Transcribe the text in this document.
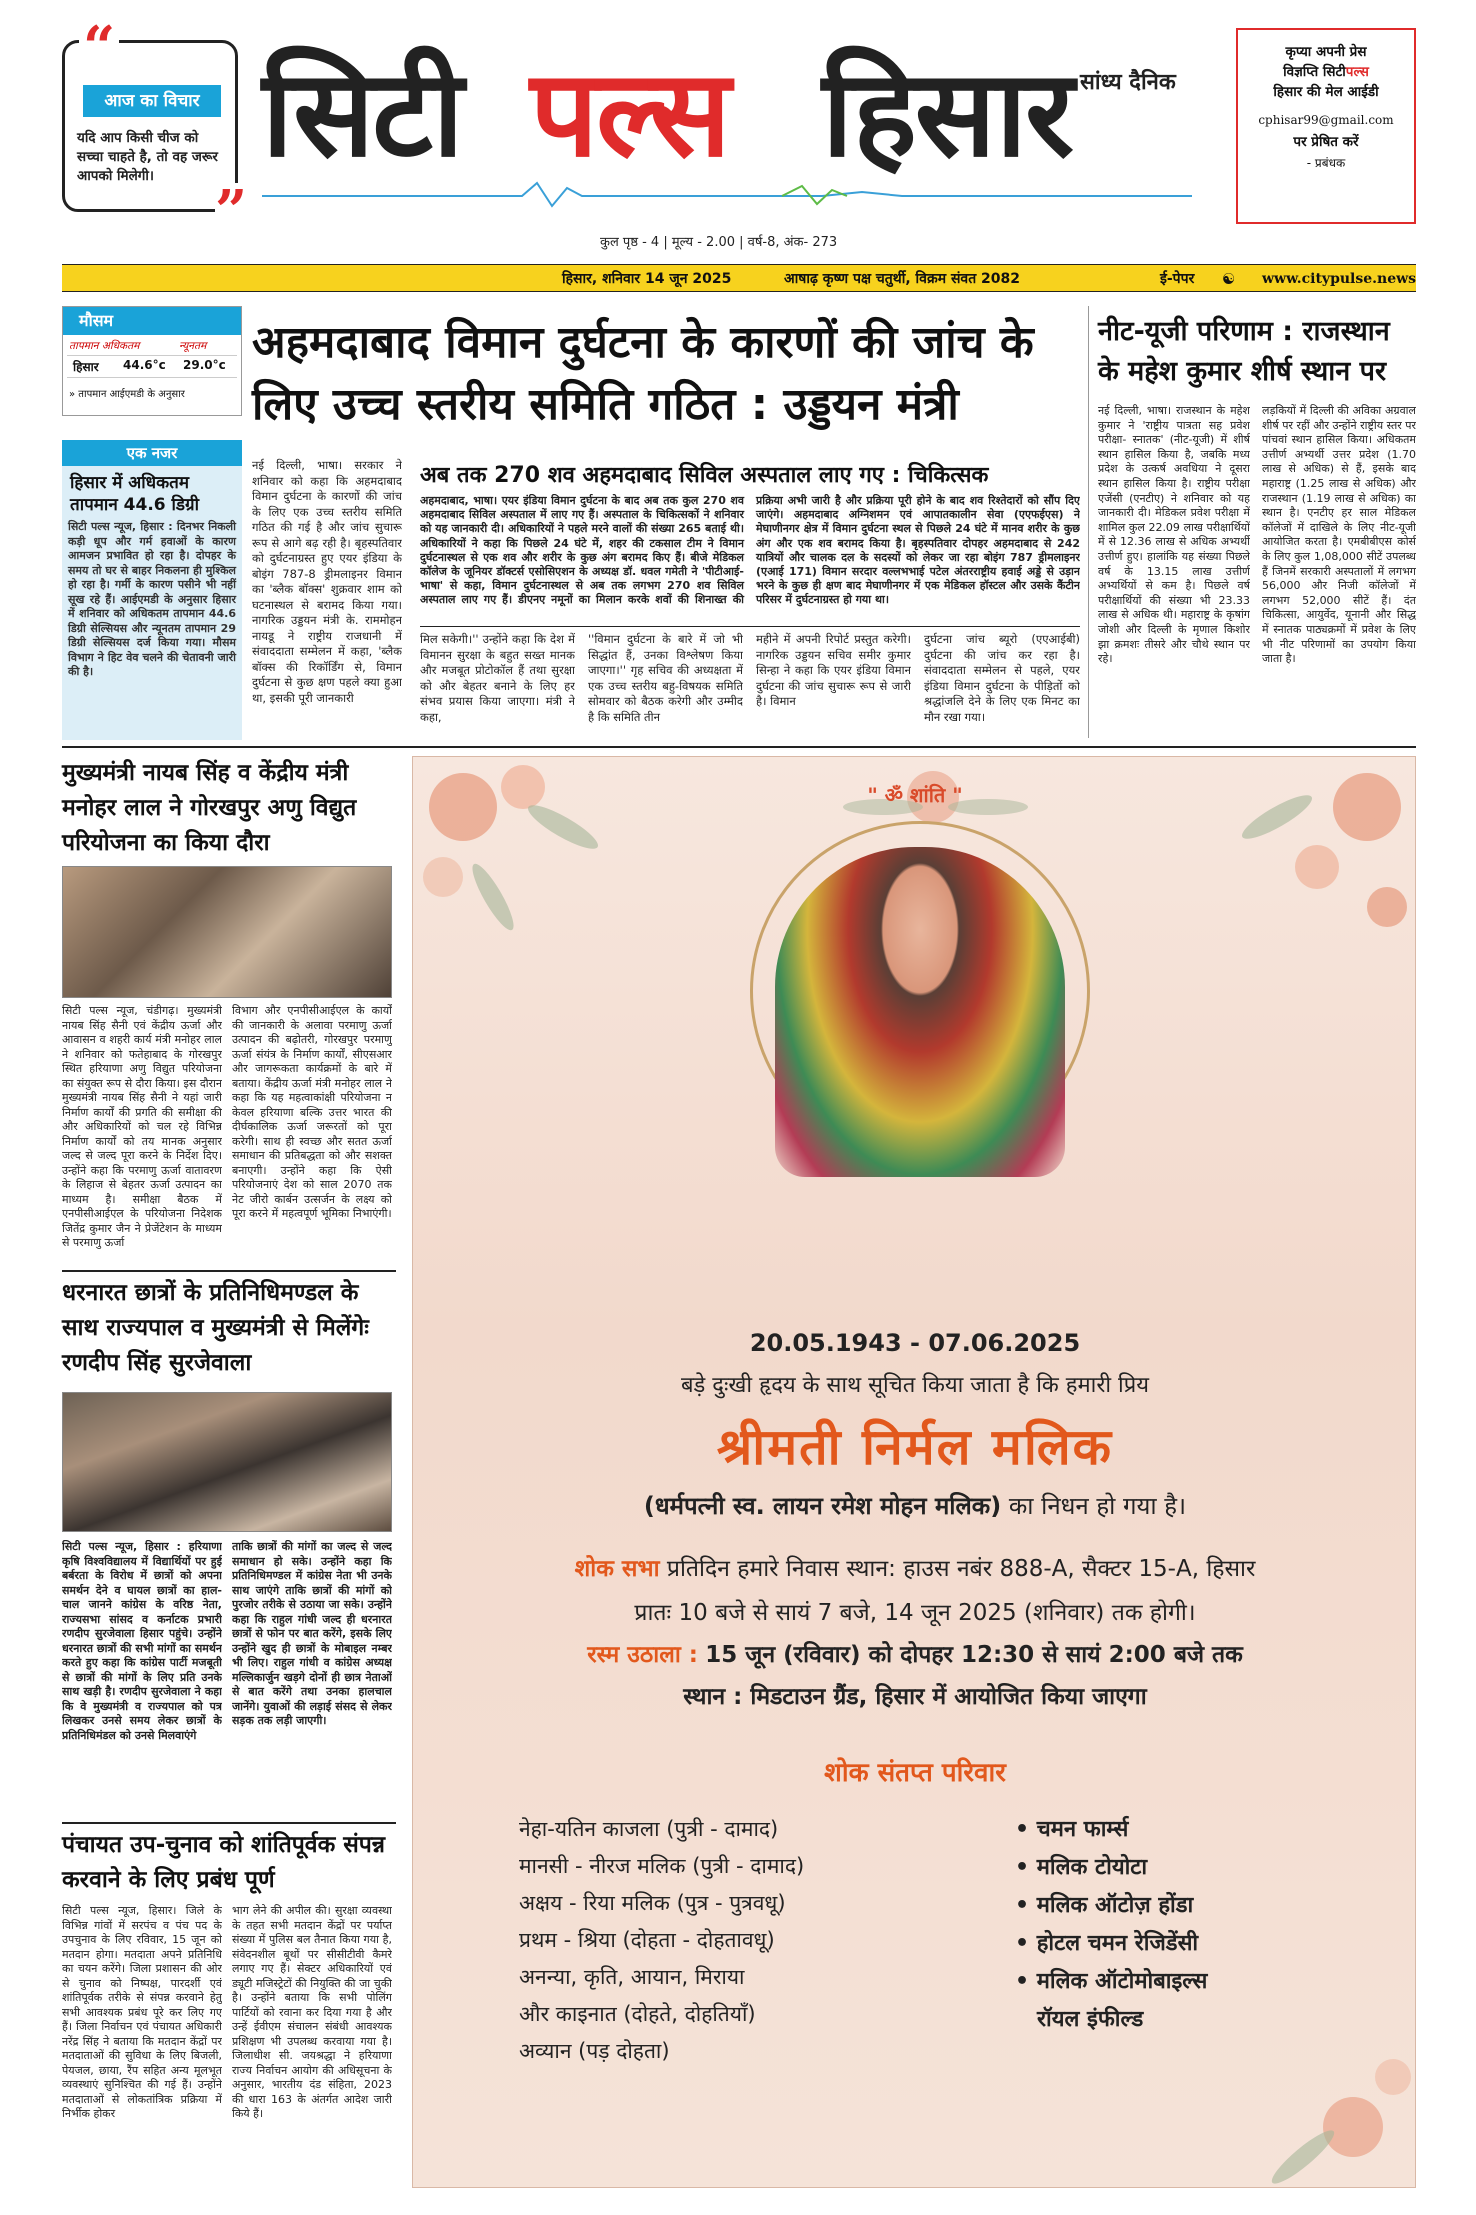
“
आज का विचार
यदि आप किसी चीज को सच्चा चाहते है, तो वह जरूर आपको मिलेगी।
”
सिटी पल्स हिसार सांध्य दैनिक
कुल पृष्ठ - 4 | मूल्य - 2.00 | वर्ष-8, अंक- 273
कृप्या अपनी प्रेस
विज्ञप्ति सिटीपल्स
हिसार की मेल आईडी
cphisar99@gmail.com
पर प्रेषित करें
- प्रबंधक
हिसार, शनिवार 14 जून 2025	आषाढ़ कृष्ण पक्ष चतुर्थी, विक्रम संवत 2082	ई-पेपर ☯ www.citypulse.news
मौसम
तापमान अधिकतम	न्यूनतम
हिसार	44.6°c	29.0°c
» तापमान आईएमडी के अनुसार
एक नजर
हिसार में अधिकतम तापमान 44.6 डिग्री
सिटी पल्स न्यूज, हिसार : दिनभर निकली कड़ी धूप और गर्म हवाओं के कारण आमजन प्रभावित हो रहा है। दोपहर के समय तो घर से बाहर निकलना ही मुश्किल हो रहा है। गर्मी के कारण पसीने भी नहीं सूख रहे हैं। आईएमडी के अनुसार हिसार में शनिवार को अधिकतम तापमान 44.6 डिग्री सेल्सियस और न्यूनतम तापमान 29 डिग्री सेल्सियस दर्ज किया गया। मौसम विभाग ने हिट वेव चलने की चेतावनी जारी की है।
अहमदाबाद विमान दुर्घटना के कारणों की जांच के लिए उच्च स्तरीय समिति गठित : उड्डयन मंत्री
नई दिल्ली, भाषा। सरकार ने शनिवार को कहा कि अहमदाबाद विमान दुर्घटना के कारणों की जांच के लिए एक उच्च स्तरीय समिति गठित की गई है और जांच सुचारू रूप से आगे बढ़ रही है। बृहस्पतिवार को दुर्घटनाग्रस्त हुए एयर इंडिया के बोइंग 787-8 ड्रीमलाइनर विमान का 'ब्लैक बॉक्स' शुक्रवार शाम को घटनास्थल से बरामद किया गया। नागरिक उड्डयन मंत्री के. राममोहन नायडू ने राष्ट्रीय राजधानी में संवाददाता सम्मेलन में कहा, 'ब्लैक बॉक्स की रिकॉर्डिंग से, विमान दुर्घटना से कुछ क्षण पहले क्या हुआ था, इसकी पूरी जानकारी
अब तक 270 शव अहमदाबाद सिविल अस्पताल लाए गए : चिकित्सक
अहमदाबाद, भाषा। एयर इंडिया विमान दुर्घटना के बाद अब तक कुल 270 शव अहमदाबाद सिविल अस्पताल में लाए गए हैं। अस्पताल के चिकित्सकों ने शनिवार को यह जानकारी दी। अधिकारियों ने पहले मरने वालों की संख्या 265 बताई थी। अधिकारियों ने कहा कि पिछले 24 घंटे में, शहर की टकसाल टीम ने विमान दुर्घटनास्थल से एक शव और शरीर के कुछ अंग बरामद किए हैं। बीजे मेडिकल कॉलेज के जूनियर डॉक्टर्स एसोसिएशन के अध्यक्ष डॉ. धवल गमेती ने 'पीटीआई-भाषा' से कहा, विमान दुर्घटनास्थल से अब तक लगभग 270 शव सिविल अस्पताल लाए गए हैं। डीएनए नमूनों का मिलान करके शवों की शिनाख्त की प्रक्रिया अभी जारी है और प्रक्रिया पूरी होने के बाद शव रिश्तेदारों को सौंप दिए जाएंगे। अहमदाबाद अग्निशमन एवं आपातकालीन सेवा (एएफईएस) ने मेघाणीनगर क्षेत्र में विमान दुर्घटना स्थल से पिछले 24 घंटे में मानव शरीर के कुछ अंग और एक शव बरामद किया है। बृहस्पतिवार दोपहर अहमदाबाद से 242 यात्रियों और चालक दल के सदस्यों को लेकर जा रहा बोइंग 787 ड्रीमलाइनर (एआई 171) विमान सरदार वल्लभभाई पटेल अंतरराष्ट्रीय हवाई अड्डे से उड़ान भरने के कुछ ही क्षण बाद मेघाणीनगर में एक मेडिकल हॉस्टल और उसके कैंटीन परिसर में दुर्घटनाग्रस्त हो गया था।
मिल सकेगी।'' उन्होंने कहा कि देश में विमानन सुरक्षा के बहुत सख्त मानक और मजबूत प्रोटोकॉल हैं तथा सुरक्षा को और बेहतर बनाने के लिए हर संभव प्रयास किया जाएगा। मंत्री ने कहा,
''विमान दुर्घटना के बारे में जो भी सिद्धांत हैं, उनका विश्लेषण किया जाएगा।'' गृह सचिव की अध्यक्षता में एक उच्च स्तरीय बहु-विषयक समिति सोमवार को बैठक करेगी और उम्मीद है कि समिति तीन
महीने में अपनी रिपोर्ट प्रस्तुत करेगी। नागरिक उड्डयन सचिव समीर कुमार सिन्हा ने कहा कि एयर इंडिया विमान दुर्घटना की जांच सुचारू रूप से जारी है। विमान
दुर्घटना जांच ब्यूरो (एएआईबी) दुर्घटना की जांच कर रहा है। संवाददाता सम्मेलन से पहले, एयर इंडिया विमान दुर्घटना के पीड़ितों को श्रद्धांजलि देने के लिए एक मिनट का मौन रखा गया।
नीट-यूजी परिणाम : राजस्थान के महेश कुमार शीर्ष स्थान पर
नई दिल्ली, भाषा। राजस्थान के महेश कुमार ने 'राष्ट्रीय पात्रता सह प्रवेश परीक्षा- स्नातक' (नीट-यूजी) में शीर्ष स्थान हासिल किया है, जबकि मध्य प्रदेश के उत्कर्ष अवधिया ने दूसरा स्थान हासिल किया है। राष्ट्रीय परीक्षा एजेंसी (एनटीए) ने शनिवार को यह जानकारी दी। मेडिकल प्रवेश परीक्षा में शामिल कुल 22.09 लाख परीक्षार्थियों में से 12.36 लाख से अधिक अभ्यर्थी उत्तीर्ण हुए। हालांकि यह संख्या पिछले वर्ष के 13.15 लाख उत्तीर्ण अभ्यर्थियों से कम है। पिछले वर्ष परीक्षार्थियों की संख्या भी 23.33 लाख से अधिक थी। महाराष्ट्र के कृषांग जोशी और दिल्ली के मृणाल किशोर झा क्रमशः तीसरे और चौथे स्थान पर रहे।
लड़कियों में दिल्ली की अविका अग्रवाल शीर्ष पर रहीं और उन्होंने राष्ट्रीय स्तर पर पांचवां स्थान हासिल किया। अधिकतम उत्तीर्ण अभ्यर्थी उत्तर प्रदेश (1.70 लाख से अधिक) से हैं, इसके बाद महाराष्ट्र (1.25 लाख से अधिक) और राजस्थान (1.19 लाख से अधिक) का स्थान है। एनटीए हर साल मेडिकल कॉलेजों में दाखिले के लिए नीट-यूजी आयोजित करता है। एमबीबीएस कोर्स के लिए कुल 1,08,000 सीटें उपलब्ध हैं जिनमें सरकारी अस्पतालों में लगभग 56,000 और निजी कॉलेजों में लगभग 52,000 सीटें हैं। दंत चिकित्सा, आयुर्वेद, यूनानी और सिद्ध में स्नातक पाठ्यक्रमों में प्रवेश के लिए भी नीट परिणामों का उपयोग किया जाता है।
मुख्यमंत्री नायब सिंह व केंद्रीय मंत्री मनोहर लाल ने गोरखपुर अणु विद्युत परियोजना का किया दौरा
सिटी पल्स न्यूज, चंडीगढ़। मुख्यमंत्री नायब सिंह सैनी एवं केंद्रीय ऊर्जा और आवासन व शहरी कार्य मंत्री मनोहर लाल ने शनिवार को फतेहाबाद के गोरखपुर स्थित हरियाणा अणु विद्युत परियोजना का संयुक्त रूप से दौरा किया। इस दौरान मुख्यमंत्री नायब सिंह सैनी ने यहां जारी निर्माण कार्यों की प्रगति की समीक्षा की और अधिकारियों को चल रहे विभिन्न निर्माण कार्यों को तय मानक अनुसार जल्द से जल्द पूरा करने के निर्देश दिए। उन्होंने कहा कि परमाणु ऊर्जा वातावरण के लिहाज से बेहतर ऊर्जा उत्पादन का माध्यम है। समीक्षा बैठक में एनपीसीआईएल के परियोजना निदेशक जितेंद्र कुमार जैन ने प्रेजेंटेशन के माध्यम से परमाणु ऊर्जा
विभाग और एनपीसीआईएल के कार्यों की जानकारी के अलावा परमाणु ऊर्जा उत्पादन की बढ़ोतरी, गोरखपुर परमाणु ऊर्जा संयंत्र के निर्माण कार्यों, सीएसआर और जागरूकता कार्यक्रमों के बारे में बताया। केंद्रीय ऊर्जा मंत्री मनोहर लाल ने कहा कि यह महत्वाकांक्षी परियोजना न केवल हरियाणा बल्कि उत्तर भारत की दीर्घकालिक ऊर्जा जरूरतों को पूरा करेगी। साथ ही स्वच्छ और सतत ऊर्जा समाधान की प्रतिबद्धता को और सशक्त बनाएगी। उन्होंने कहा कि ऐसी परियोजनाएं देश को साल 2070 तक नेट जीरो कार्बन उत्सर्जन के लक्ष्य को पूरा करने में महत्वपूर्ण भूमिका निभाएंगी।
धरनारत छात्रों के प्रतिनिधिमण्डल के साथ राज्यपाल व मुख्यमंत्री से मिलेंगेः रणदीप सिंह सुरजेवाला
सिटी पल्स न्यूज, हिसार : हरियाणा कृषि विश्वविद्यालय में विद्यार्थियों पर हुई बर्बरता के विरोध में छात्रों को अपना समर्थन देने व घायल छात्रों का हाल-चाल जानने कांग्रेस के वरिष्ठ नेता, राज्यसभा सांसद व कर्नाटक प्रभारी रणदीप सुरजेवाला हिसार पहुंचे। उन्होंने धरनारत छात्रों की सभी मांगों का समर्थन करते हुए कहा कि कांग्रेस पार्टी मजबूती से छात्रों की मांगों के लिए प्रति उनके साथ खड़ी है। रणदीप सुरजेवाला ने कहा कि वे मुख्यमंत्री व राज्यपाल को पत्र लिखकर उनसे समय लेकर छात्रों के प्रतिनिधिमंडल को उनसे मिलवाएंगे
ताकि छात्रों की मांगों का जल्द से जल्द समाधान हो सके। उन्होंने कहा कि प्रतिनिधिमण्डल में कांग्रेस नेता भी उनके साथ जाएंगे ताकि छात्रों की मांगों को पुरजोर तरीके से उठाया जा सके। उन्होंने कहा कि राहुल गांधी जल्द ही धरनारत छात्रों से फोन पर बात करेंगे, इसके लिए उन्होंने खुद ही छात्रों के मोबाइल नम्बर भी लिए। राहुल गांधी व कांग्रेस अध्यक्ष मल्लिकार्जुन खड़गे दोनों ही छात्र नेताओं से बात करेंगे तथा उनका हालचाल जानेंगे। युवाओं की लड़ाई संसद से लेकर सड़क तक लड़ी जाएगी।
पंचायत उप-चुनाव को शांतिपूर्वक संपन्न करवाने के लिए प्रबंध पूर्ण
सिटी पल्स न्यूज, हिसार। जिले के विभिन्न गांवों में सरपंच व पंच पद के उपचुनाव के लिए रविवार, 15 जून को मतदान होगा। मतदाता अपने प्रतिनिधि का चयन करेंगे। जिला प्रशासन की ओर से चुनाव को निष्पक्ष, पारदर्शी एवं शांतिपूर्वक तरीके से संपन्न करवाने हेतु सभी आवश्यक प्रबंध पूरे कर लिए गए हैं। जिला निर्वाचन एवं पंचायत अधिकारी नरेंद्र सिंह ने बताया कि मतदान केंद्रों पर मतदाताओं की सुविधा के लिए बिजली, पेयजल, छाया, रैंप सहित अन्य मूलभूत व्यवस्थाएं सुनिश्चित की गई हैं। उन्होंने मतदाताओं से लोकतांत्रिक प्रक्रिया में निर्भीक होकर
भाग लेने की अपील की। सुरक्षा व्यवस्था के तहत सभी मतदान केंद्रों पर पर्याप्त संख्या में पुलिस बल तैनात किया गया है, संवेदनशील बूथों पर सीसीटीवी कैमरे लगाए गए हैं। सेक्टर अधिकारियों एवं ड्यूटी मजिस्ट्रेटों की नियुक्ति की जा चुकी है। उन्होंने बताया कि सभी पोलिंग पार्टियों को रवाना कर दिया गया है और उन्हें ईवीएम संचालन संबंधी आवश्यक प्रशिक्षण भी उपलब्ध करवाया गया है। जिलाधीश सी. जयश्रद्धा ने हरियाणा राज्य निर्वाचन आयोग की अधिसूचना के अनुसार, भारतीय दंड संहिता, 2023 की धारा 163 के अंतर्गत आदेश जारी किये हैं।
" ॐ शांति "
20.05.1943 - 07.06.2025
बड़े दुःखी हृदय के साथ सूचित किया जाता है कि हमारी प्रिय
श्रीमती निर्मल मलिक
(धर्मपत्नी स्व. लायन रमेश मोहन मलिक) का निधन हो गया है।
शोक सभा प्रतिदिन हमारे निवास स्थान: हाउस नबंर 888-A, सैक्टर 15-A, हिसार
प्रातः 10 बजे से सायं 7 बजे, 14 जून 2025 (शनिवार) तक होगी।
रस्म उठाला : 15 जून (रविवार) को दोपहर 12:30 से सायं 2:00 बजे तक
स्थान : मिडटाउन ग्रैंड, हिसार में आयोजित किया जाएगा
शोक संतप्त परिवार
नेहा-यतिन काजला (पुत्री - दामाद)
मानसी - नीरज मलिक (पुत्री - दामाद)
अक्षय - रिया मलिक (पुत्र - पुत्रवधू)
प्रथम - श्रिया (दोहता - दोहतावधू)
अनन्या, कृति, आयान, मिराया
और काइनात (दोहते, दोहतियाँ)
अव्यान (पड़ दोहता)
• चमन फार्म्स
• मलिक टोयोटा
• मलिक ऑटोज़ होंडा
• होटल चमन रेजिडेंसी
• मलिक ऑटोमोबाइल्स
रॉयल इंफील्ड
